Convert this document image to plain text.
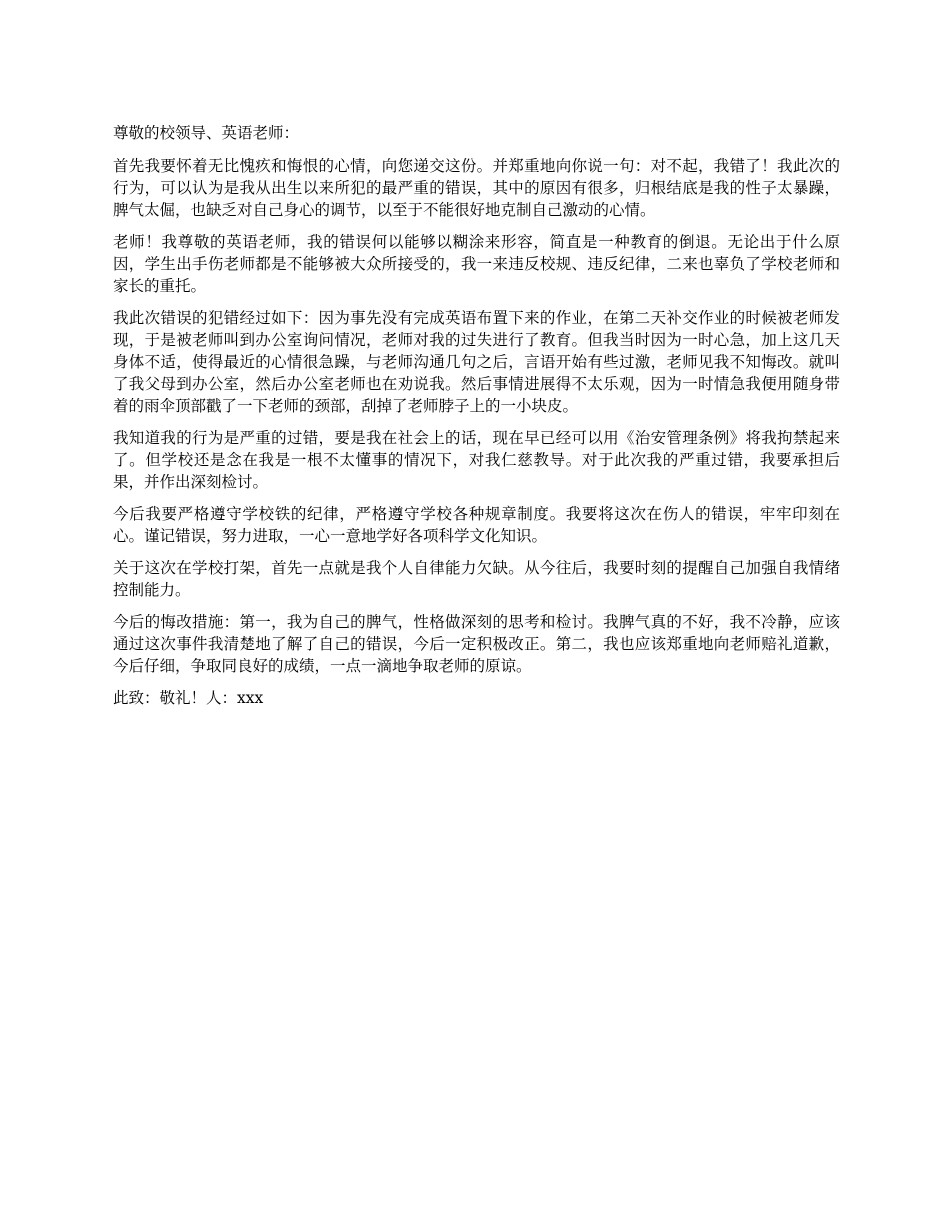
尊敬的校领导、英语老师：

首先我要怀着无比愧疚和悔恨的心情，向您递交这份。并郑重地向你说一句：对不起，我错了！我此次的行为，可以认为是我从出生以来所犯的最严重的错误，其中的原因有很多，归根结底是我的性子太暴躁，脾气太倔，也缺乏对自己身心的调节，以至于不能很好地克制自己激动的心情。

老师！我尊敬的英语老师，我的错误何以能够以糊涂来形容，简直是一种教育的倒退。无论出于什么原因，学生出手伤老师都是不能够被大众所接受的，我一来违反校规、违反纪律，二来也辜负了学校老师和家长的重托。

我此次错误的犯错经过如下：因为事先没有完成英语布置下来的作业，在第二天补交作业的时候被老师发现，于是被老师叫到办公室询问情况，老师对我的过失进行了教育。但我当时因为一时心急，加上这几天身体不适，使得最近的心情很急躁，与老师沟通几句之后，言语开始有些过激，老师见我不知悔改。就叫了我父母到办公室，然后办公室老师也在劝说我。然后事情进展得不太乐观，因为一时情急我便用随身带着的雨伞顶部戳了一下老师的颈部，刮掉了老师脖子上的一小块皮。

我知道我的行为是严重的过错，要是我在社会上的话，现在早已经可以用《治安管理条例》将我拘禁起来了。但学校还是念在我是一根不太懂事的情况下，对我仁慈教导。对于此次我的严重过错，我要承担后果，并作出深刻检讨。

今后我要严格遵守学校铁的纪律，严格遵守学校各种规章制度。我要将这次在伤人的错误，牢牢印刻在心。谨记错误，努力进取，一心一意地学好各项科学文化知识。

关于这次在学校打架，首先一点就是我个人自律能力欠缺。从今往后，我要时刻的提醒自己加强自我情绪控制能力。

今后的悔改措施：第一，我为自己的脾气，性格做深刻的思考和检讨。我脾气真的不好，我不冷静，应该通过这次事件我清楚地了解了自己的错误，今后一定积极改正。第二，我也应该郑重地向老师赔礼道歉，今后仔细，争取同良好的成绩，一点一滴地争取老师的原谅。

此致：敬礼！人：xxx
